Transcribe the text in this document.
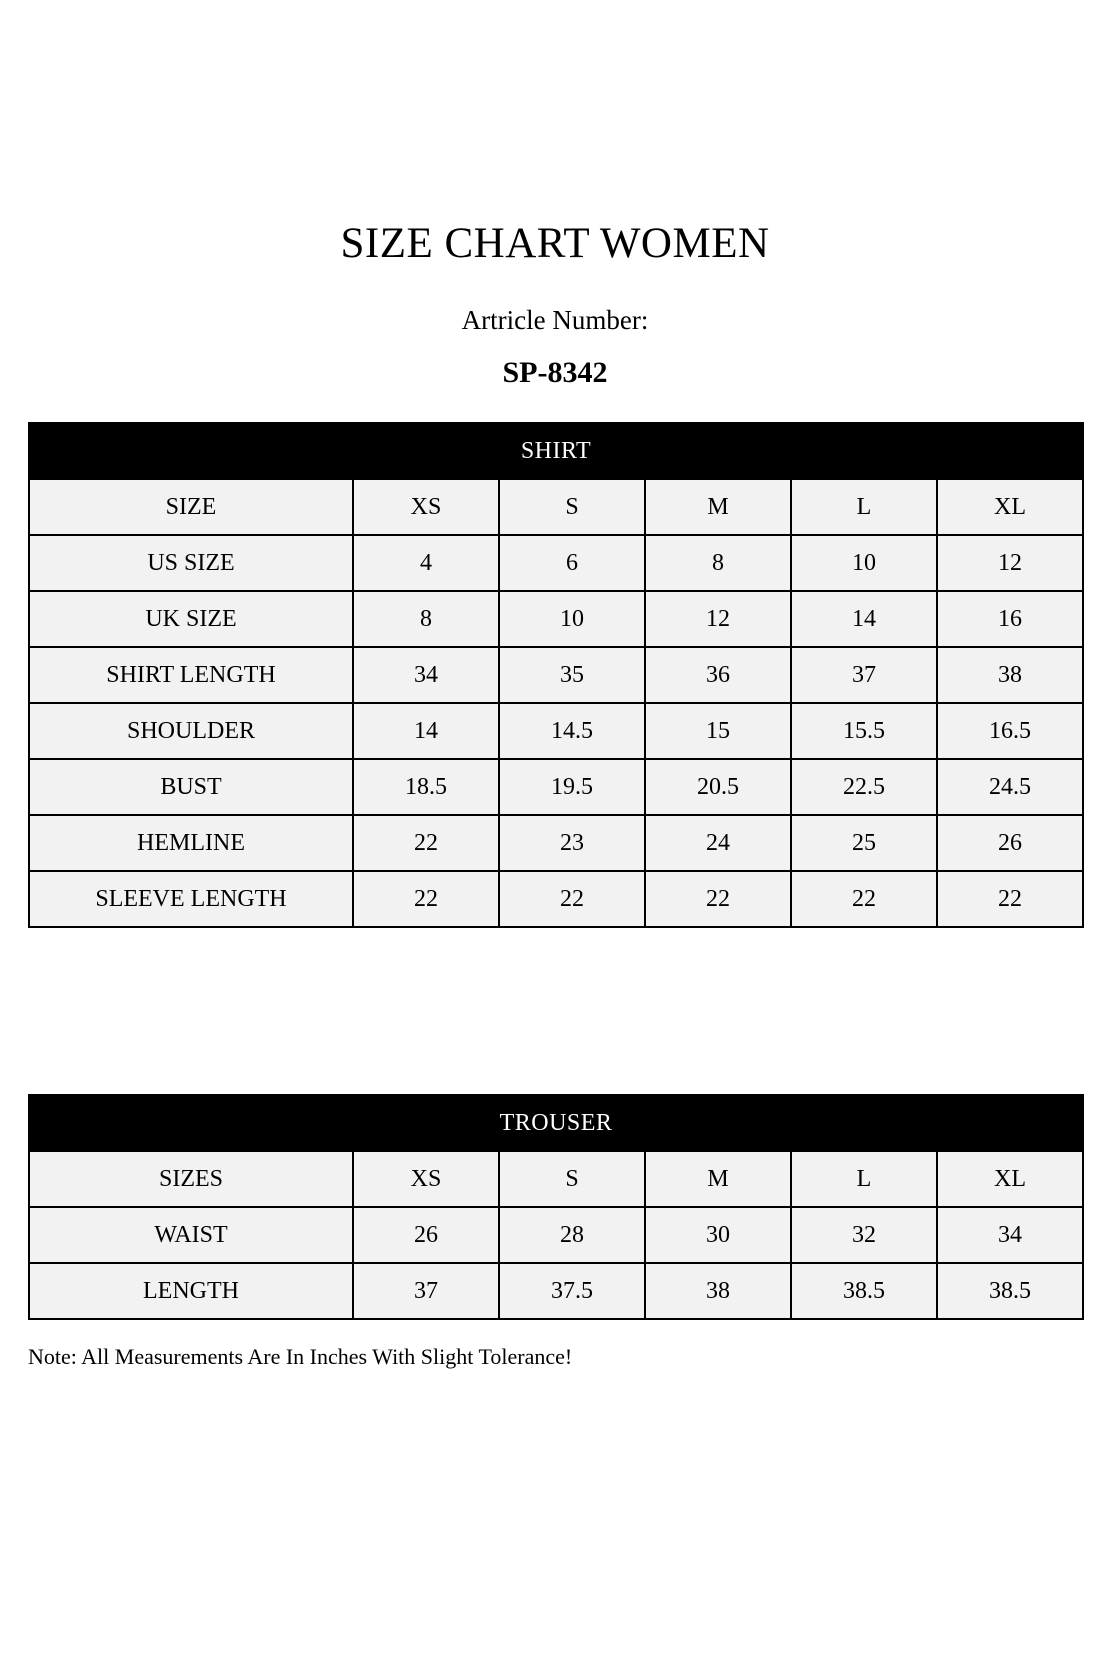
SIZE CHART WOMEN
Artricle Number:
SP-8342
SHIRT					
SIZE	XS	S	M	L	XL
US SIZE	4	6	8	10	12
UK SIZE	8	10	12	14	16
SHIRT LENGTH	34	35	36	37	38
SHOULDER	14	14.5	15	15.5	16.5
BUST	18.5	19.5	20.5	22.5	24.5
HEMLINE	22	23	24	25	26
SLEEVE LENGTH	22	22	22	22	22
TROUSER					
SIZES	XS	S	M	L	XL
WAIST	26	28	30	32	34
LENGTH	37	37.5	38	38.5	38.5
Note: All Measurements Are In Inches With Slight Tolerance!
